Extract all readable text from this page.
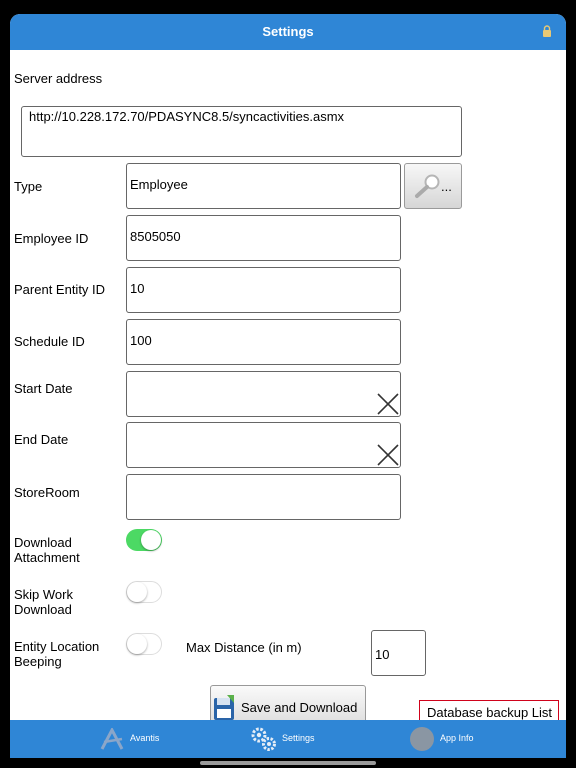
Settings
Server address
http://10.228.172.70/PDASYNC8.5/syncactivities.asmx
Type	Employee	...
Employee ID	8505050
Parent Entity ID	10
Schedule ID	100
Start Date
End Date
StoreRoom
Download
Attachment
Skip Work
Download
Entity Location
Beeping
Max Distance (in m)	10
Save and Download	Database backup List
Avantis	Settings	App Info
